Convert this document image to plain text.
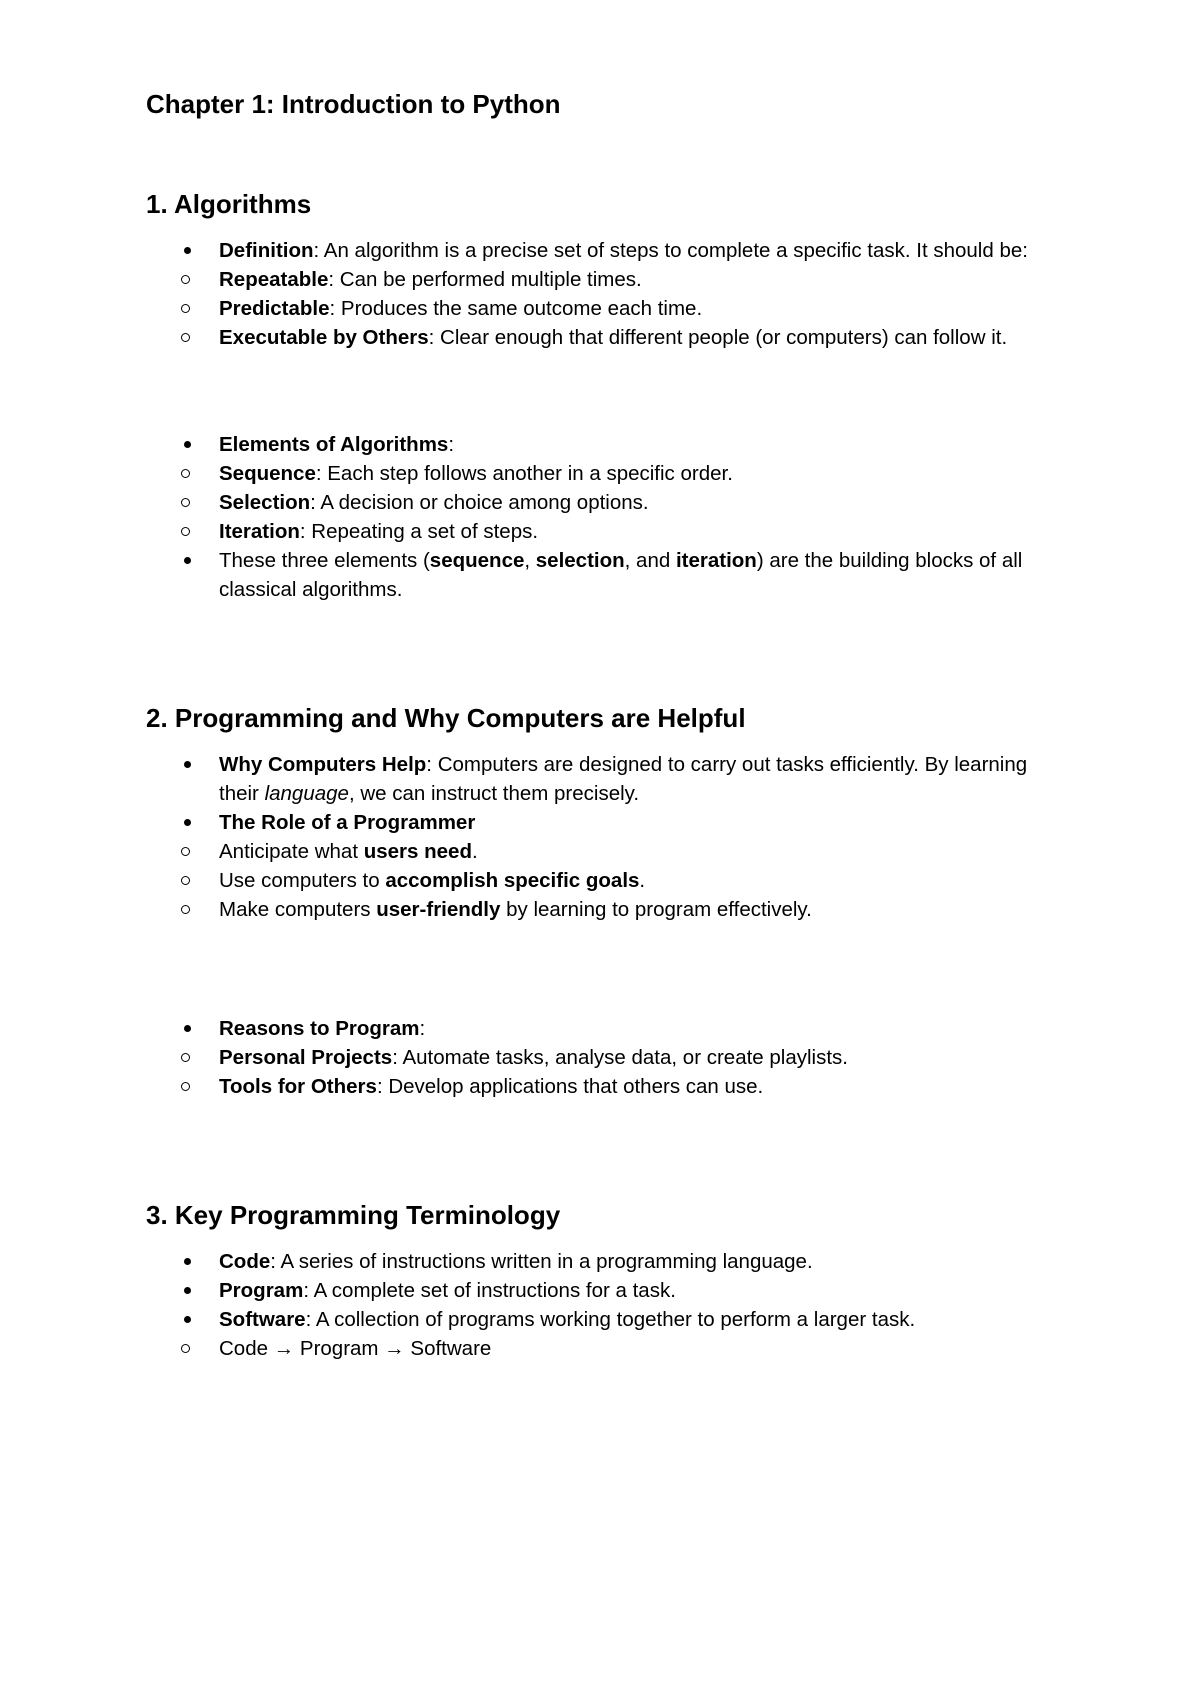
Chapter 1: Introduction to Python
1. Algorithms
Definition: An algorithm is a precise set of steps to complete a specific task. It should be:
Repeatable: Can be performed multiple times.
Predictable: Produces the same outcome each time.
Executable by Others: Clear enough that different people (or computers) can follow it.
Elements of Algorithms:
Sequence: Each step follows another in a specific order.
Selection: A decision or choice among options.
Iteration: Repeating a set of steps.
These three elements (sequence, selection, and iteration) are the building blocks of all classical algorithms.
2. Programming and Why Computers are Helpful
Why Computers Help: Computers are designed to carry out tasks efficiently. By learning their language, we can instruct them precisely.
The Role of a Programmer
Anticipate what users need.
Use computers to accomplish specific goals.
Make computers user-friendly by learning to program effectively.
Reasons to Program:
Personal Projects: Automate tasks, analyse data, or create playlists.
Tools for Others: Develop applications that others can use.
3. Key Programming Terminology
Code: A series of instructions written in a programming language.
Program: A complete set of instructions for a task.
Software: A collection of programs working together to perform a larger task.
Code → Program → Software
